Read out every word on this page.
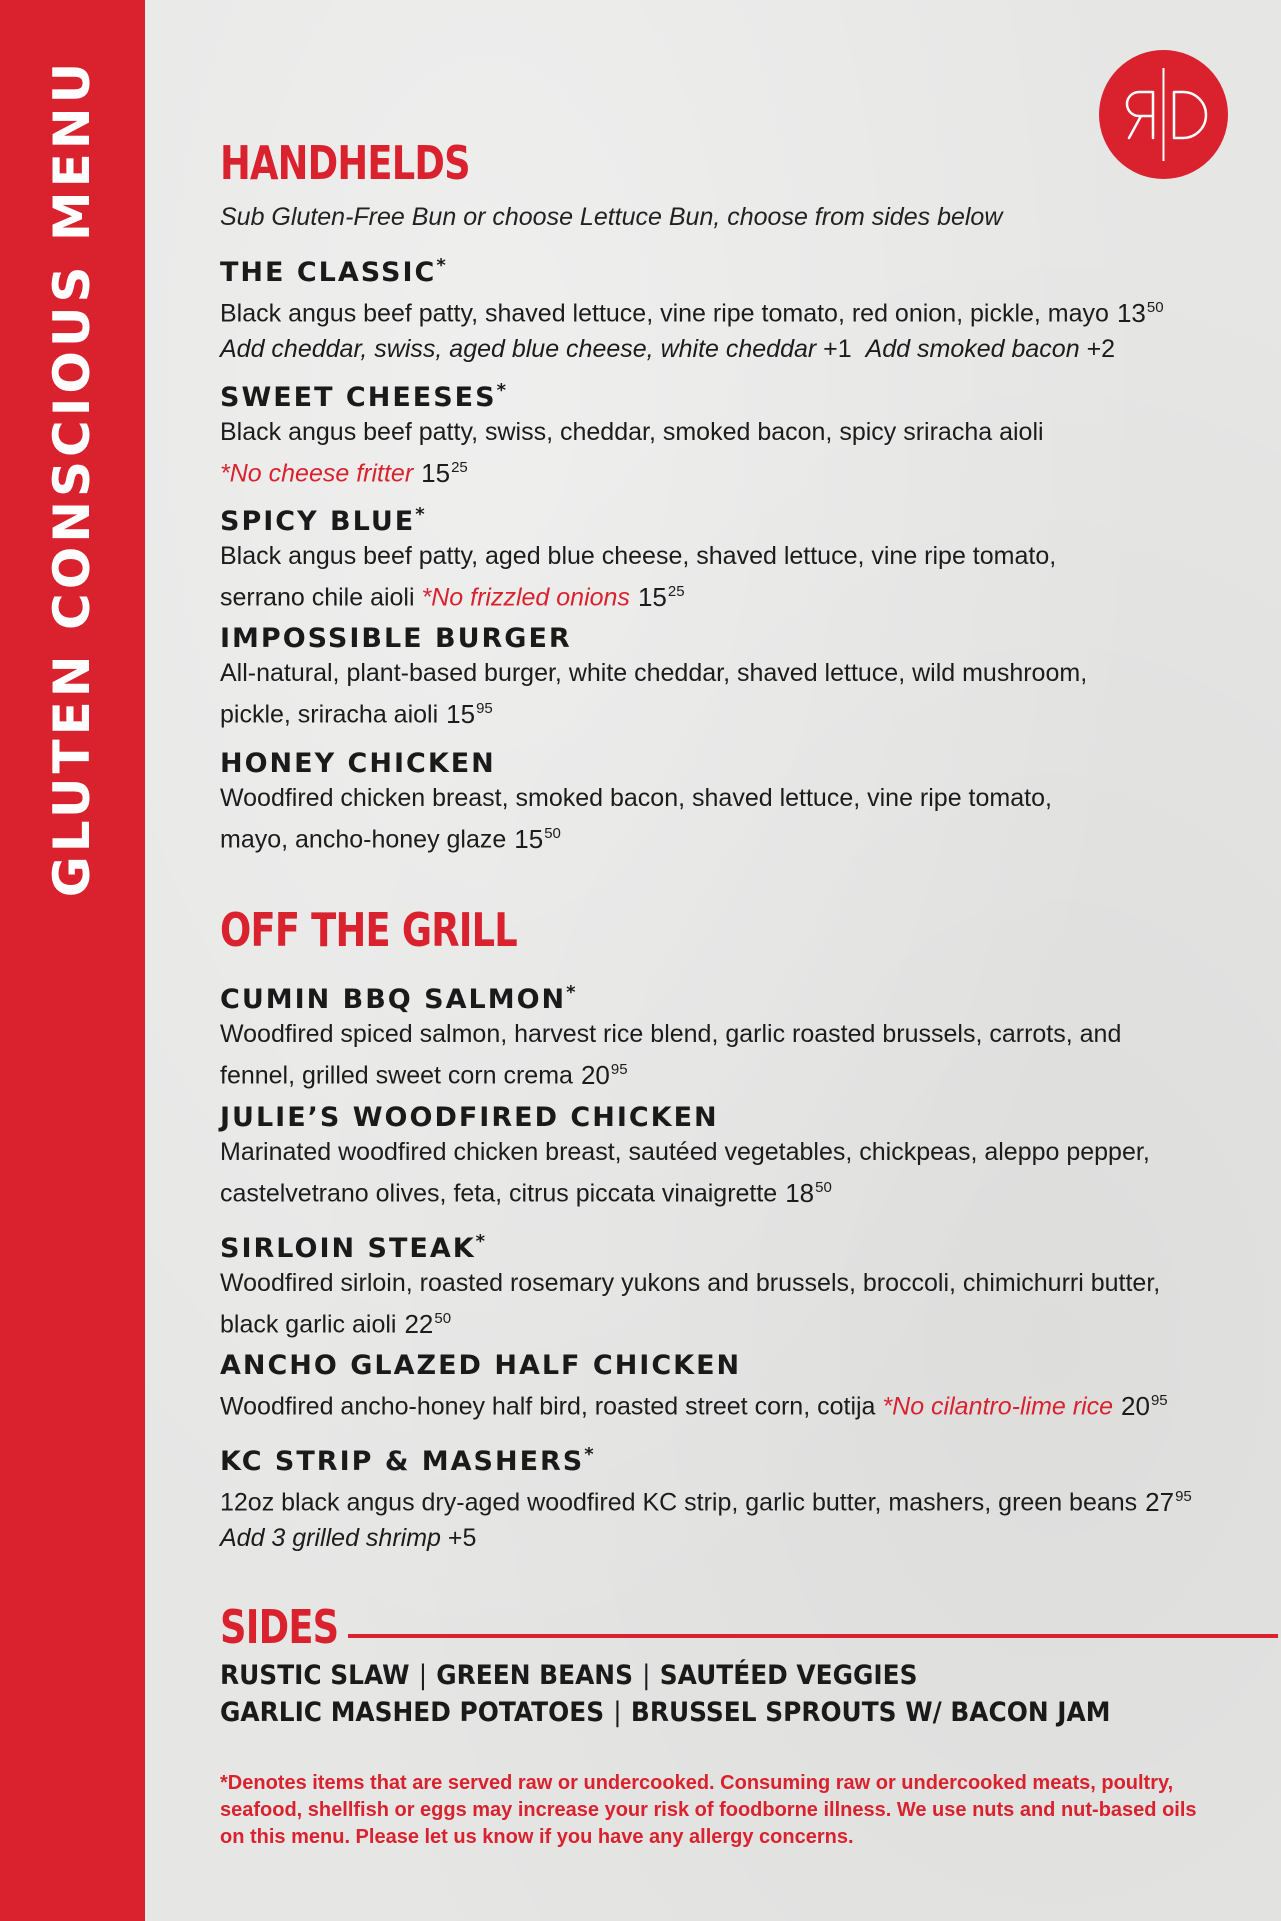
GLUTEN CONSCIOUS MENU	HANDHELDS
Sub Gluten-Free Bun or choose Lettuce Bun, choose from sides below
THE CLASSIC*
Black angus beef patty, shaved lettuce, vine ripe tomato, red onion, pickle, mayo $13^{50}$
Add cheddar, swiss, aged blue cheese, white cheddar +1 Add smoked bacon +2
SWEET CHEESES*
Black angus beef patty, swiss, cheddar, smoked bacon, spicy sriracha aioli
*No cheese fritter $15^{25}$
SPICY BLUE*
Black angus beef patty, aged blue cheese, shaved lettuce, vine ripe tomato,
serrano chile aioli *No frizzled onions $15^{25}$
IMPOSSIBLE BURGER
All-natural, plant-based burger, white cheddar, shaved lettuce, wild mushroom,
pickle, sriracha aioli $15^{95}$
HONEY CHICKEN
Woodfired chicken breast, smoked bacon, shaved lettuce, vine ripe tomato,
mayo, ancho-honey glaze $15^{50}$
OFF THE GRILL
CUMIN BBQ SALMON*
Woodfired spiced salmon, harvest rice blend, garlic roasted brussels, carrots, and
fennel, grilled sweet corn crema $20^{95}$
JULIE’S WOODFIRED CHICKEN
Marinated woodfired chicken breast, sautéed vegetables, chickpeas, aleppo pepper,
castelvetrano olives, feta, citrus piccata vinaigrette $18^{50}$
SIRLOIN STEAK*
Woodfired sirloin, roasted rosemary yukons and brussels, broccoli, chimichurri butter,
black garlic aioli $22^{50}$
ANCHO GLAZED HALF CHICKEN
Woodfired ancho-honey half bird, roasted street corn, cotija *No cilantro-lime rice $20^{95}$
KC STRIP & MASHERS*
12oz black angus dry-aged woodfired KC strip, garlic butter, mashers, green beans $27^{95}$
Add 3 grilled shrimp +5
SIDES
RUSTIC SLAW | GREEN BEANS | SAUTÉED VEGGIES
GARLIC MASHED POTATOES | BRUSSEL SPROUTS W/ BACON JAM
*Denotes items that are served raw or undercooked. Consuming raw or undercooked meats, poultry, seafood, shellfish or eggs may increase your risk of foodborne illness. We use nuts and nut-based oils on this menu. Please let us know if you have any allergy concerns.
